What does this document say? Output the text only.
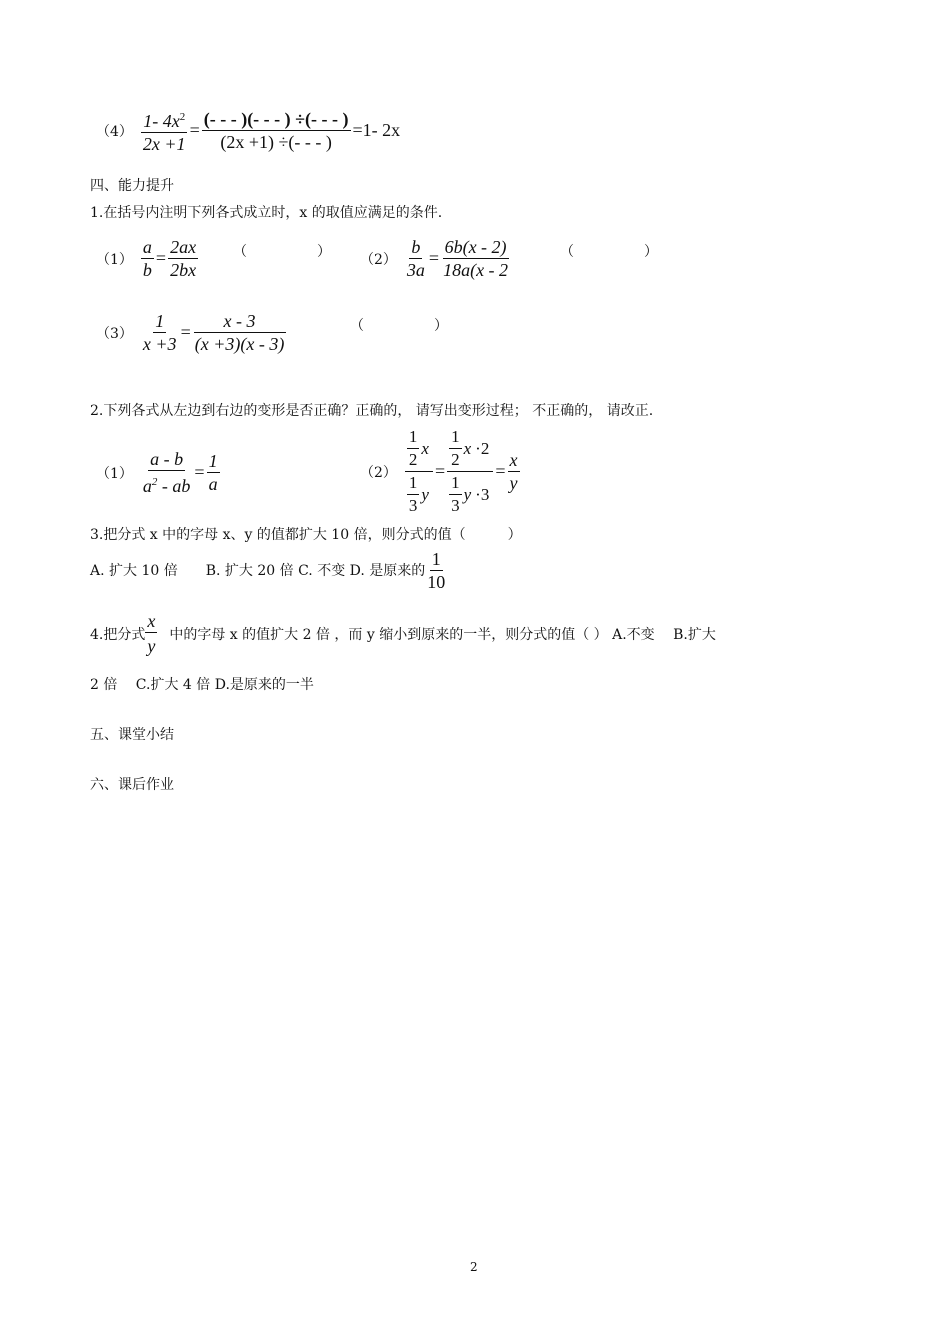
$(4) \frac{1- 4x^2}{2x +1} = \frac{(- - - )(- - - ) \div(- - - )}{(2x +1) \div(- - - )} =1-$ 2x
四、能力提升
1.在括号内注明下列各式成立时，x 的取值应满足的条件.
$(1) \frac{a}{b} = \frac{2ax}{2bx}$ （　　　　　） $(2) \frac{b}{3a} = \frac{6b(x - 2)}{18a(x - 2}$	（　　　　　）
$(3) \frac{1}{x +3} = \frac{x - 3}{(x +3)(x - 3)}$	（　　　　　）
2.下列各式从左边到右边的变形是否正确？正确的， 请写出变形过程； 不正确的， 请改正.
$(1) \frac{a - b}{a^2 - ab} = \frac{1}{a}$	$(2) \frac{\frac{1}{2} x}{\frac{1}{3} y} = \frac{\frac{1}{2} x\cdot 2}{\frac{1}{3} y\cdot 3} = \frac{x}{y}$
3.把分式 x 中的字母 x、y 的值都扩大 10 倍，则分式的值（　　　）
A. 扩大 10 倍　　B. 扩大 20 倍 C. 不变 D. 是原来的 $\frac{1}{10}$
4.把分式 $\frac{x}{y}$ 中的字母 x 的值扩大 2 倍 ，而 y 缩小到原来的一半，则分式的值（ ） A.不变　 B.扩大
2 倍　 C.扩大 4 倍 D.是原来的一半
五、课堂小结
六、课后作业
2
